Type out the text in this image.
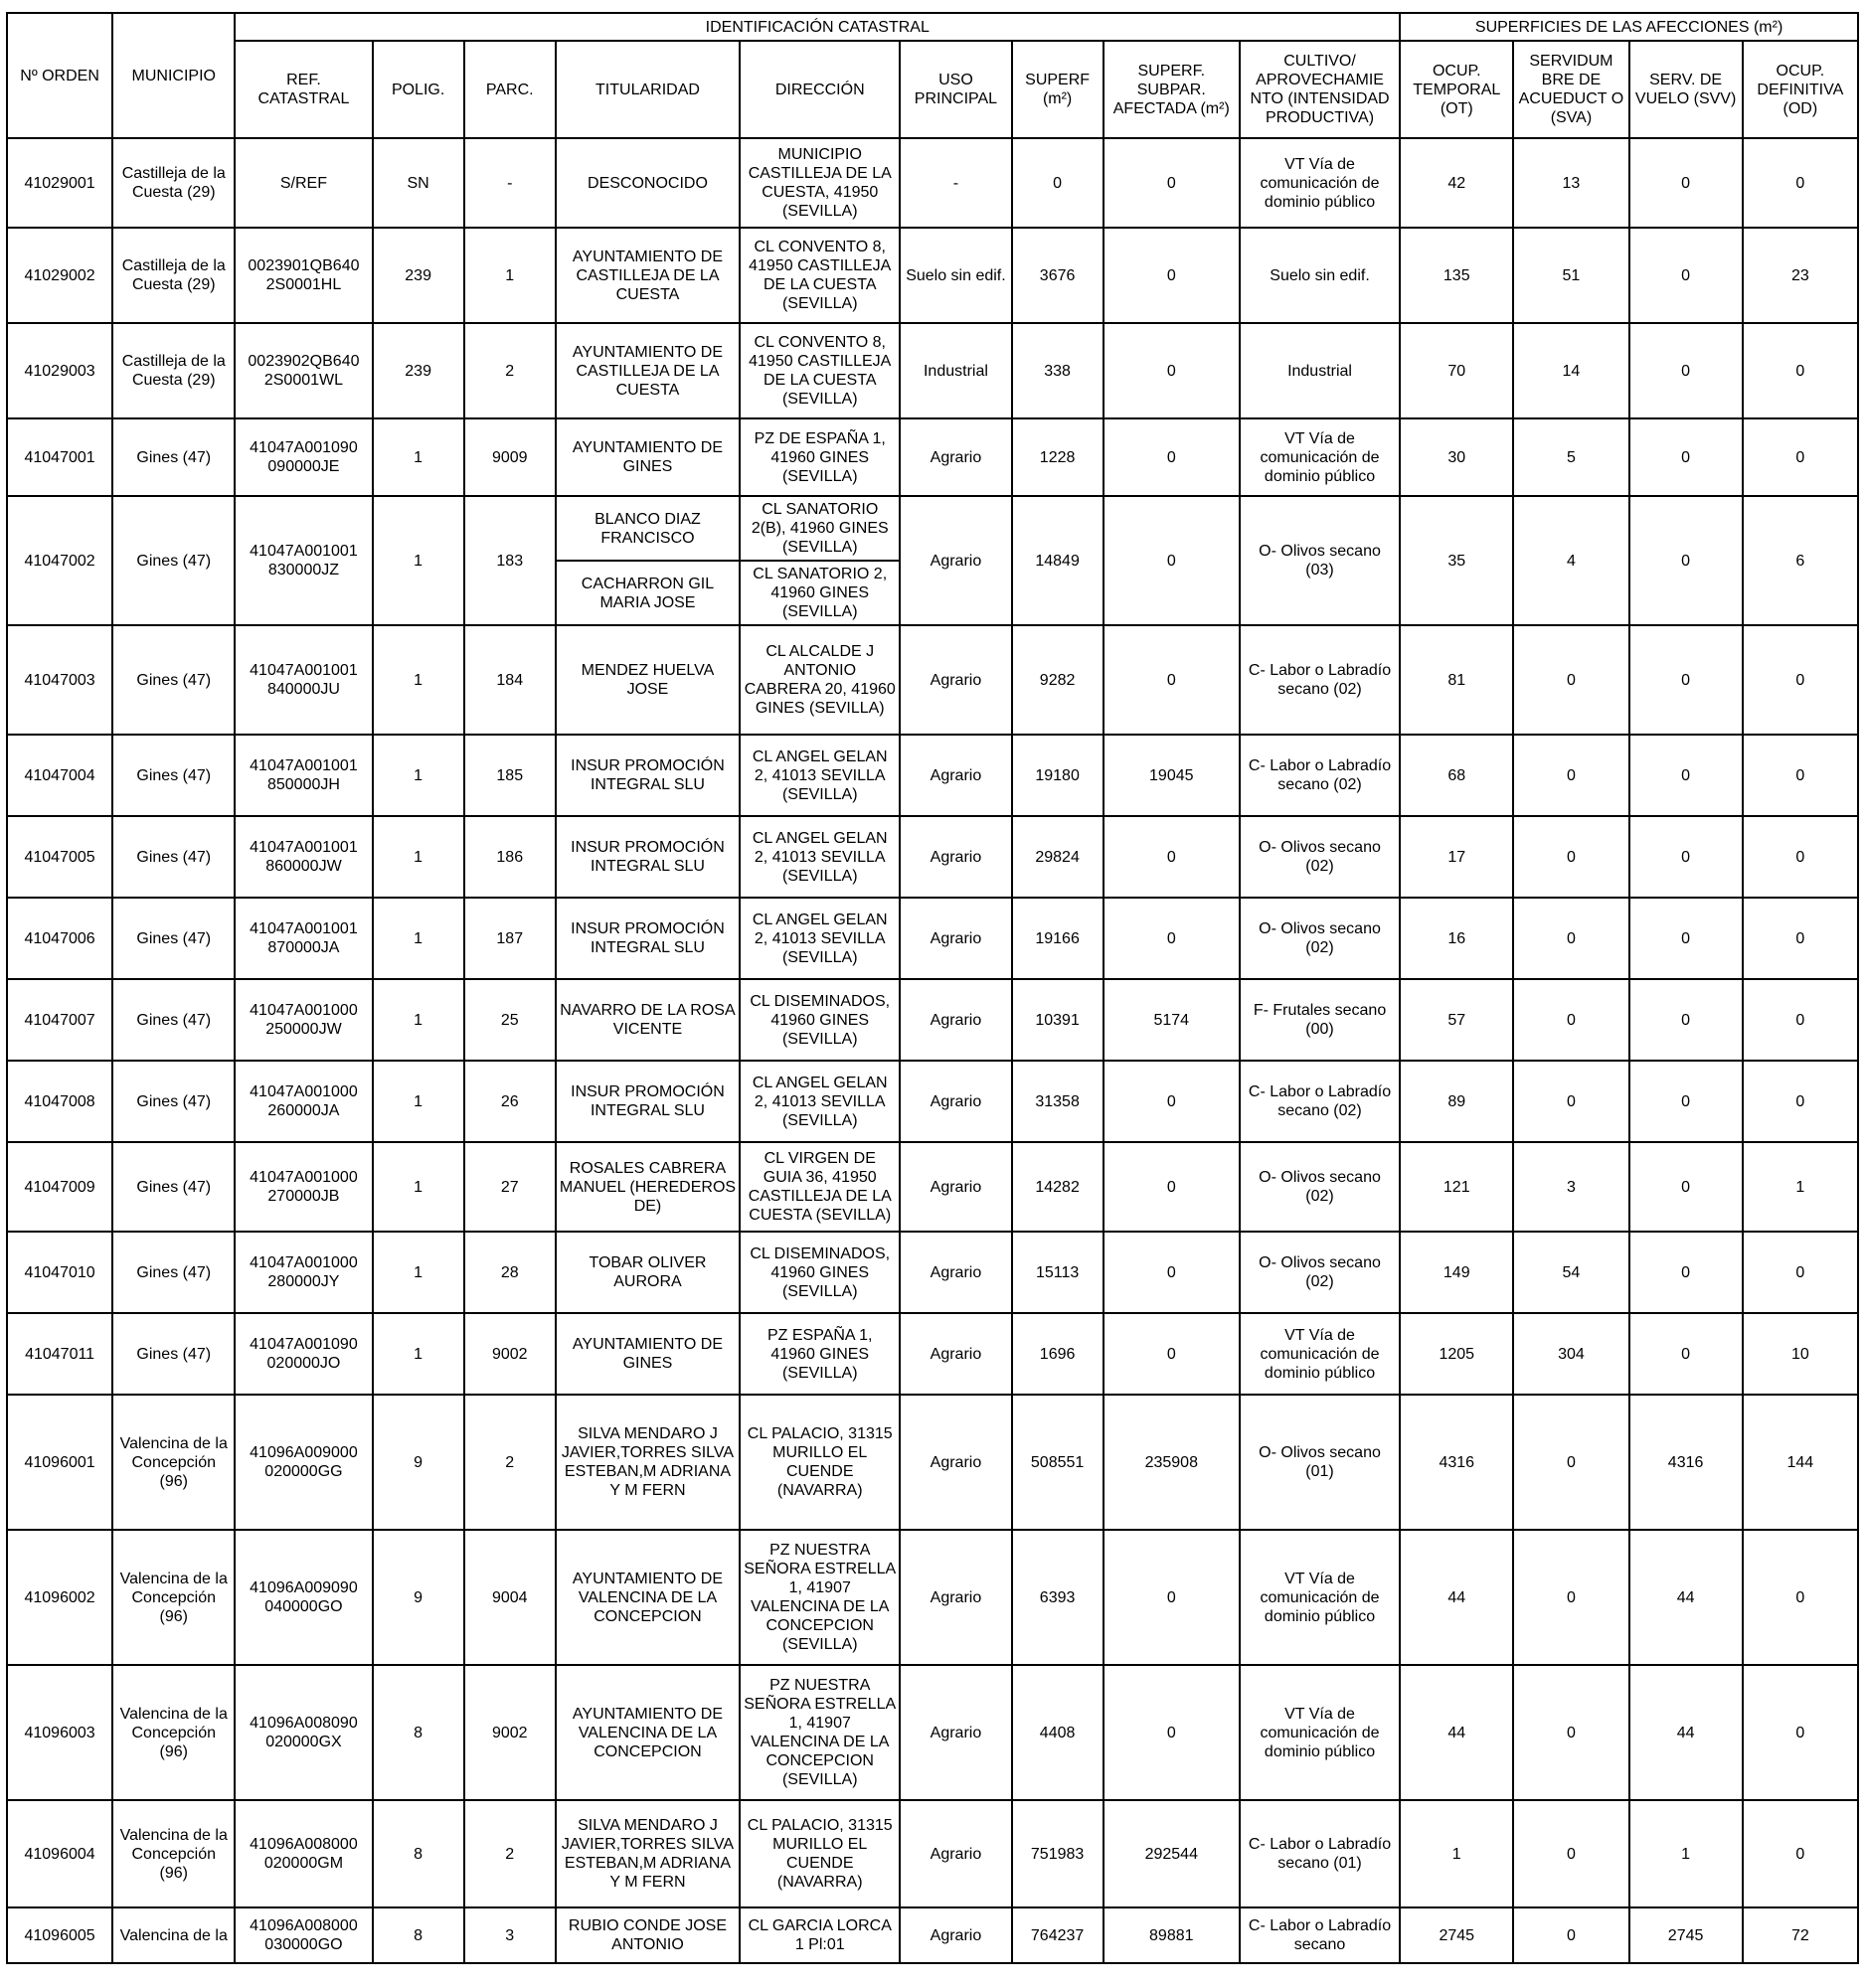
Nº ORDEN	MUNICIPIO	IDENTIFICACIÓN CATASTRAL									SUPERFICIES DE LAS AFECCIONES (m²)			
		REF. CATASTRAL	POLIG.	PARC.	TITULARIDAD	DIRECCIÓN	USO PRINCIPAL	SUPERF (m²)	SUPERF. SUBPAR. AFECTADA (m²)	CULTIVO/ APROVECHAMIE NTO (INTENSIDAD PRODUCTIVA)	OCUP. TEMPORAL (OT)	SERVIDUM BRE DE ACUEDUCT O (SVA)	SERV. DE VUELO (SVV)	OCUP. DEFINITIVA (OD)
41029001	Castilleja de la Cuesta (29)	S/REF	SN	-	DESCONOCIDO	MUNICIPIO CASTILLEJA DE LA CUESTA, 41950 (SEVILLA)	-	0	0	VT Vía de comunicación de dominio público	42	13	0	0
41029002	Castilleja de la Cuesta (29)	0023901QB640 2S0001HL	239	1	AYUNTAMIENTO DE CASTILLEJA DE LA CUESTA	CL CONVENTO 8, 41950 CASTILLEJA DE LA CUESTA (SEVILLA)	Suelo sin edif.	3676	0	Suelo sin edif.	135	51	0	23
41029003	Castilleja de la Cuesta (29)	0023902QB640 2S0001WL	239	2	AYUNTAMIENTO DE CASTILLEJA DE LA CUESTA	CL CONVENTO 8, 41950 CASTILLEJA DE LA CUESTA (SEVILLA)	Industrial	338	0	Industrial	70	14	0	0
41047001	Gines (47)	41047A001090 090000JE	1	9009	AYUNTAMIENTO DE GINES	PZ DE ESPAÑA 1, 41960 GINES (SEVILLA)	Agrario	1228	0	VT Vía de comunicación de dominio público	30	5	0	0
41047002	Gines (47)	41047A001001 830000JZ	1	183	BLANCO DIAZ FRANCISCO	CL SANATORIO 2(B), 41960 GINES (SEVILLA)	Agrario	14849	0	O- Olivos secano (03)	35	4	0	6
					CACHARRON GIL MARIA JOSE	CL SANATORIO 2, 41960 GINES (SEVILLA)								
41047003	Gines (47)	41047A001001 840000JU	1	184	MENDEZ HUELVA JOSE	CL ALCALDE J ANTONIO CABRERA 20, 41960 GINES (SEVILLA)	Agrario	9282	0	C- Labor o Labradío secano (02)	81	0	0	0
41047004	Gines (47)	41047A001001 850000JH	1	185	INSUR PROMOCIÓN INTEGRAL SLU	CL ANGEL GELAN 2, 41013 SEVILLA (SEVILLA)	Agrario	19180	19045	C- Labor o Labradío secano (02)	68	0	0	0
41047005	Gines (47)	41047A001001 860000JW	1	186	INSUR PROMOCIÓN INTEGRAL SLU	CL ANGEL GELAN 2, 41013 SEVILLA (SEVILLA)	Agrario	29824	0	O- Olivos secano (02)	17	0	0	0
41047006	Gines (47)	41047A001001 870000JA	1	187	INSUR PROMOCIÓN INTEGRAL SLU	CL ANGEL GELAN 2, 41013 SEVILLA (SEVILLA)	Agrario	19166	0	O- Olivos secano (02)	16	0	0	0
41047007	Gines (47)	41047A001000 250000JW	1	25	NAVARRO DE LA ROSA VICENTE	CL DISEMINADOS, 41960 GINES (SEVILLA)	Agrario	10391	5174	F- Frutales secano (00)	57	0	0	0
41047008	Gines (47)	41047A001000 260000JA	1	26	INSUR PROMOCIÓN INTEGRAL SLU	CL ANGEL GELAN 2, 41013 SEVILLA (SEVILLA)	Agrario	31358	0	C- Labor o Labradío secano (02)	89	0	0	0
41047009	Gines (47)	41047A001000 270000JB	1	27	ROSALES CABRERA MANUEL (HEREDEROS DE)	CL VIRGEN DE GUIA 36, 41950 CASTILLEJA DE LA CUESTA (SEVILLA)	Agrario	14282	0	O- Olivos secano (02)	121	3	0	1
41047010	Gines (47)	41047A001000 280000JY	1	28	TOBAR OLIVER AURORA	CL DISEMINADOS, 41960 GINES (SEVILLA)	Agrario	15113	0	O- Olivos secano (02)	149	54	0	0
41047011	Gines (47)	41047A001090 020000JO	1	9002	AYUNTAMIENTO DE GINES	PZ ESPAÑA 1, 41960 GINES (SEVILLA)	Agrario	1696	0	VT Vía de comunicación de dominio público	1205	304	0	10
41096001	Valencina de la Concepción (96)	41096A009000 020000GG	9	2	SILVA MENDARO J JAVIER,TORRES SILVA ESTEBAN,M ADRIANA Y M FERN	CL PALACIO, 31315 MURILLO EL CUENDE (NAVARRA)	Agrario	508551	235908	O- Olivos secano (01)	4316	0	4316	144
41096002	Valencina de la Concepción (96)	41096A009090 040000GO	9	9004	AYUNTAMIENTO DE VALENCINA DE LA CONCEPCION	PZ NUESTRA SEÑORA ESTRELLA 1, 41907 VALENCINA DE LA CONCEPCION (SEVILLA)	Agrario	6393	0	VT Vía de comunicación de dominio público	44	0	44	0
41096003	Valencina de la Concepción (96)	41096A008090 020000GX	8	9002	AYUNTAMIENTO DE VALENCINA DE LA CONCEPCION	PZ NUESTRA SEÑORA ESTRELLA 1, 41907 VALENCINA DE LA CONCEPCION (SEVILLA)	Agrario	4408	0	VT Vía de comunicación de dominio público	44	0	44	0
41096004	Valencina de la Concepción (96)	41096A008000 020000GM	8	2	SILVA MENDARO J JAVIER,TORRES SILVA ESTEBAN,M ADRIANA Y M FERN	CL PALACIO, 31315 MURILLO EL CUENDE (NAVARRA)	Agrario	751983	292544	C- Labor o Labradío secano (01)	1	0	1	0
41096005	Valencina de la	41096A008000 030000GO	8	3	RUBIO CONDE JOSE ANTONIO	CL GARCIA LORCA 1 Pl:01	Agrario	764237	89881	C- Labor o Labradío secano	2745	0	2745	72
